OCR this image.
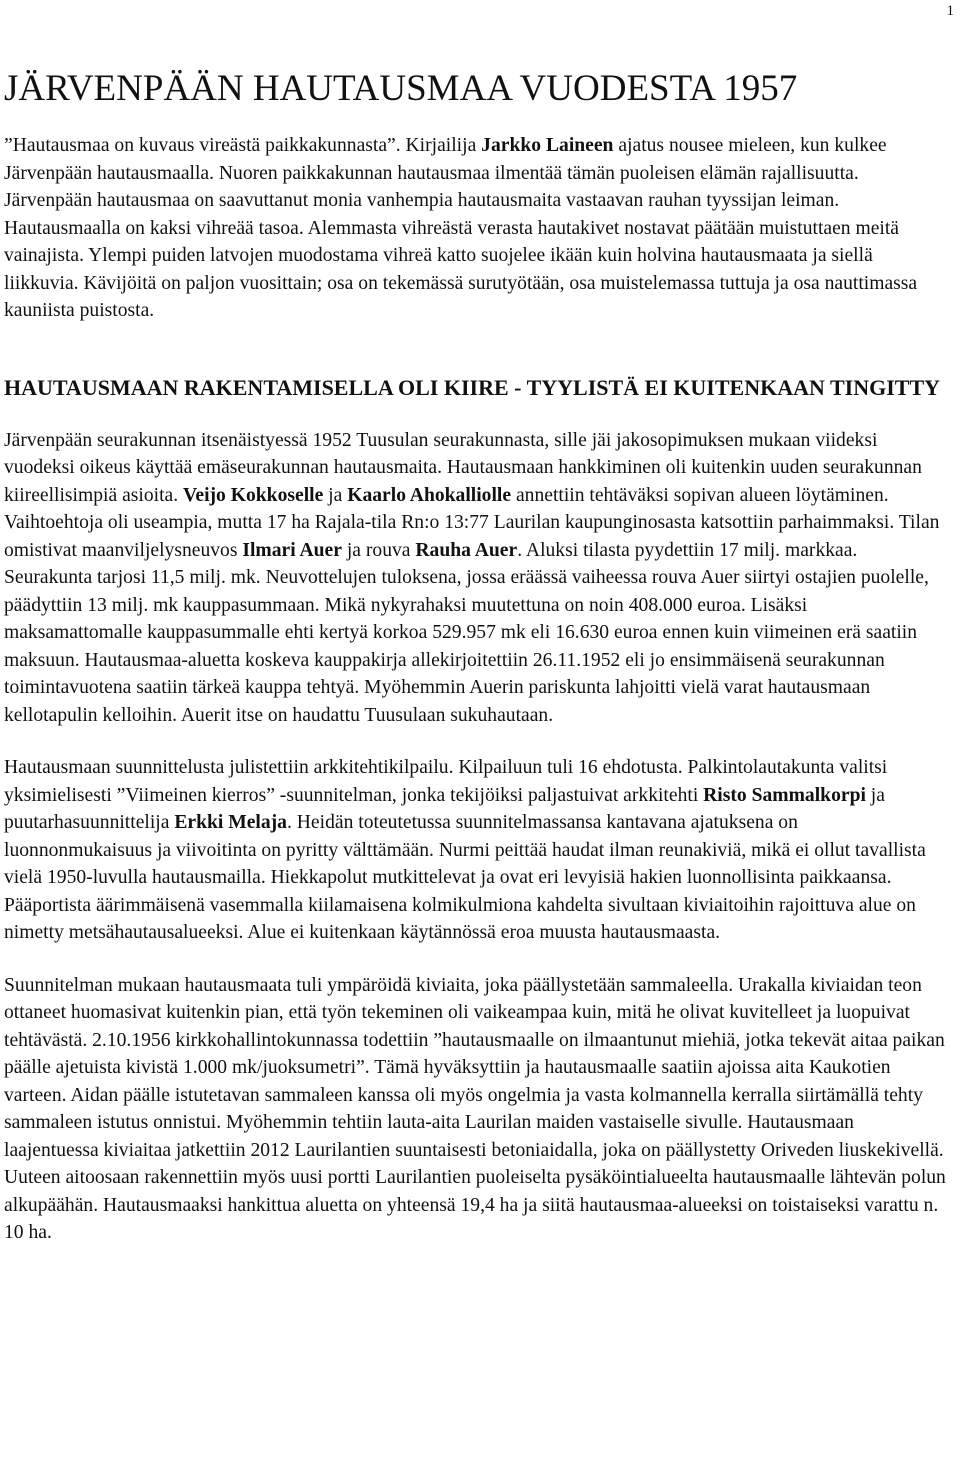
1
JÄRVENPÄÄN HAUTAUSMAA VUODESTA 1957

”Hautausmaa on kuvaus vireästä paikkakunnasta”. Kirjailija Jarkko Laineen ajatus nousee mieleen, kun kulkee Järvenpään hautausmaalla. Nuoren paikkakunnan hautausmaa ilmentää tämän puoleisen elämän rajallisuutta. Järvenpään hautausmaa on saavuttanut monia vanhempia hautausmaita vastaavan rauhan tyyssijan leiman. Hautausmaalla on kaksi vihreää tasoa. Alemmasta vihreästä verasta hautakivet nostavat päätään muistuttaen meitä vainajista. Ylempi puiden latvojen muodostama vihreä katto suojelee ikään kuin holvina hautausmaata ja siellä liikkuvia. Kävijöitä on paljon vuosittain; osa on tekemässä surutyötään, osa muistelemassa tuttuja ja osa nauttimassa kauniista puistosta.

HAUTAUSMAAN RAKENTAMISELLA OLI KIIRE - TYYLISTÄ EI KUITENKAAN TINGITTY

Järvenpään seurakunnan itsenäistyessä 1952 Tuusulan seurakunnasta, sille jäi jakosopimuksen mukaan viideksi vuodeksi oikeus käyttää emäseurakunnan hautausmaita. Hautausmaan hankkiminen oli kuitenkin uuden seurakunnan kiireellisimpiä asioita. Veijo Kokkoselle ja Kaarlo Ahokalliolle annettiin tehtäväksi sopivan alueen löytäminen. Vaihtoehtoja oli useampia, mutta 17 ha Rajala-tila Rn:o 13:77 Laurilan kaupunginosasta katsottiin parhaimmaksi. Tilan omistivat maanviljelysneuvos Ilmari Auer ja rouva Rauha Auer. Aluksi tilasta pyydettiin 17 milj. markkaa. Seurakunta tarjosi 11,5 milj. mk. Neuvottelujen tuloksena, jossa eräässä vaiheessa rouva Auer siirtyi ostajien puolelle, päädyttiin 13 milj. mk kauppasummaan. Mikä nykyrahaksi muutettuna on noin 408.000 euroa. Lisäksi maksamattomalle kauppasummalle ehti kertyä korkoa 529.957 mk eli 16.630 euroa ennen kuin viimeinen erä saatiin maksuun. Hautausmaa-aluetta koskeva kauppakirja allekirjoitettiin 26.11.1952 eli jo ensimmäisenä seurakunnan toimintavuotena saatiin tärkeä kauppa tehtyä. Myöhemmin Auerin pariskunta lahjoitti vielä varat hautausmaan kellotapulin kelloihin. Auerit itse on haudattu Tuusulaan sukuhautaan.

Hautausmaan suunnittelusta julistettiin arkkitehtikilpailu. Kilpailuun tuli 16 ehdotusta. Palkintolautakunta valitsi yksimielisesti ”Viimeinen kierros” -suunnitelman, jonka tekijöiksi paljastuivat arkkitehti Risto Sammalkorpi ja puutarhasuunnittelija Erkki Melaja. Heidän toteutetussa suunnitelmassansa kantavana ajatuksena on luonnonmukaisuus ja viivoitinta on pyritty välttämään. Nurmi peittää haudat ilman reunakiviä, mikä ei ollut tavallista vielä 1950-luvulla hautausmailla. Hiekkapolut mutkittelevat ja ovat eri levyisiä hakien luonnollisinta paikkaansa. Pääportista äärimmäisenä vasemmalla kiilamaisena kolmikulmiona kahdelta sivultaan kiviaitoihin rajoittuva alue on nimetty metsähautausalueeksi. Alue ei kuitenkaan käytännössä eroa muusta hautausmaasta.

Suunnitelman mukaan hautausmaata tuli ympäröidä kiviaita, joka päällystetään sammaleella. Urakalla kiviaidan teon ottaneet huomasivat kuitenkin pian, että työn tekeminen oli vaikeampaa kuin, mitä he olivat kuvitelleet ja luopuivat tehtävästä. 2.10.1956 kirkkohallintokunnassa todettiin ”hautausmaalle on ilmaantunut miehiä, jotka tekevät aitaa paikan päälle ajetuista kivistä 1.000 mk/juoksumetri”. Tämä hyväksyttiin ja hautausmaalle saatiin ajoissa aita Kaukotien varteen. Aidan päälle istutetavan sammaleen kanssa oli myös ongelmia ja vasta kolmannella kerralla siirtämällä tehty sammaleen istutus onnistui. Myöhemmin tehtiin lauta-aita Laurilan maiden vastaiselle sivulle. Hautausmaan laajentuessa kiviaitaa jatkettiin 2012 Laurilantien suuntaisesti betoniaidalla, joka on päällystetty Oriveden liuskekivellä. Uuteen aitoosaan rakennettiin myös uusi portti Laurilantien puoleiselta pysäköintialueelta hautausmaalle lähtevän polun alkupäähän. Hautausmaaksi hankittua aluetta on yhteensä 19,4 ha ja siitä hautausmaa-alueeksi on toistaiseksi varattu n. 10 ha.
